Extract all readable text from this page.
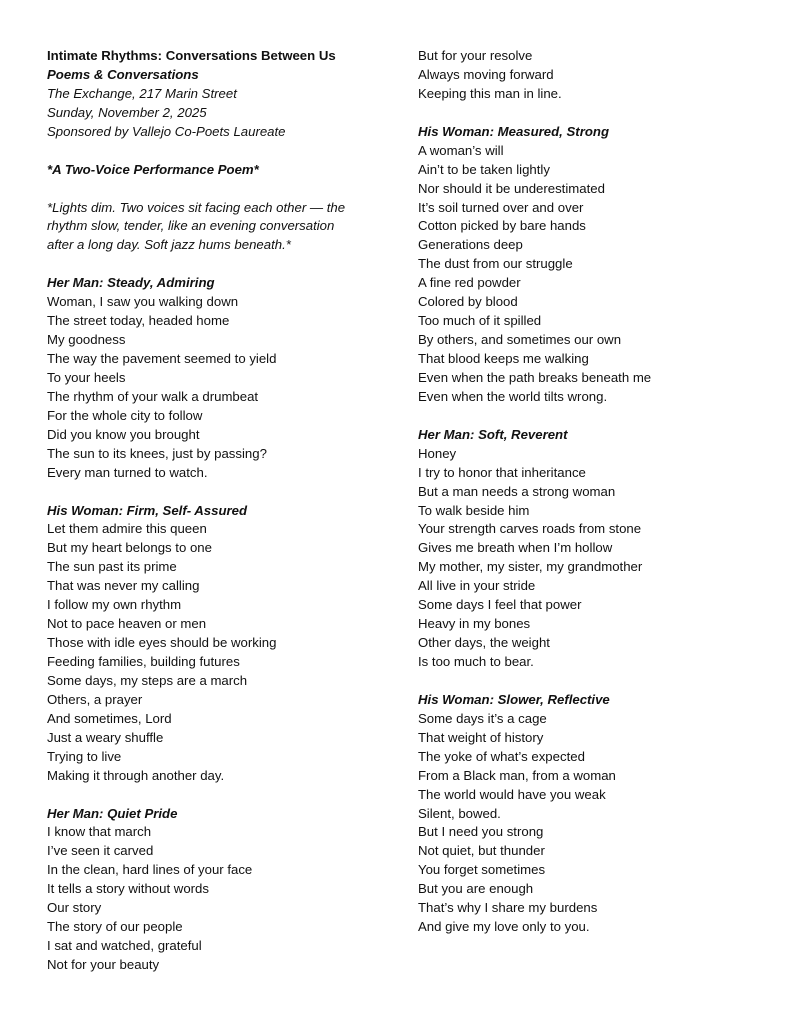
Intimate Rhythms: Conversations Between Us
Poems & Conversations
The Exchange, 217 Marin Street
Sunday, November 2, 2025
Sponsored by Vallejo Co-Poets Laureate
*A Two-Voice Performance Poem*
*Lights dim. Two voices sit facing each other — the
rhythm slow, tender, like an evening conversation
after a long day. Soft jazz hums beneath.*
Her Man: Steady, Admiring
Woman, I saw you walking down
The street today, headed home
My goodness
The way the pavement seemed to yield
To your heels
The rhythm of your walk a drumbeat
For the whole city to follow
Did you know you brought
The sun to its knees, just by passing?
Every man turned to watch.
His Woman: Firm, Self- Assured
Let them admire this queen
But my heart belongs to one
The sun past its prime
That was never my calling
I follow my own rhythm
Not to pace heaven or men
Those with idle eyes should be working
Feeding families, building futures
Some days, my steps are a march
Others, a prayer
And sometimes, Lord
Just a weary shuffle
Trying to live
Making it through another day.
Her Man: Quiet Pride
I know that march
I’ve seen it carved
In the clean, hard lines of your face
It tells a story without words
Our story
The story of our people
I sat and watched, grateful
Not for your beauty
But for your resolve
Always moving forward
Keeping this man in line.
His Woman: Measured, Strong
A woman’s will
Ain’t to be taken lightly
Nor should it be underestimated
It’s soil turned over and over
Cotton picked by bare hands
Generations deep
The dust from our struggle
A fine red powder
Colored by blood
Too much of it spilled
By others, and sometimes our own
That blood keeps me walking
Even when the path breaks beneath me
Even when the world tilts wrong.
Her Man: Soft, Reverent
Honey
I try to honor that inheritance
But a man needs a strong woman
To walk beside him
Your strength carves roads from stone
Gives me breath when I’m hollow
My mother, my sister, my grandmother
All live in your stride
Some days I feel that power
Heavy in my bones
Other days, the weight
Is too much to bear.
His Woman: Slower, Reflective
Some days it’s a cage
That weight of history
The yoke of what’s expected
From a Black man, from a woman
The world would have you weak
Silent, bowed.
But I need you strong
Not quiet, but thunder
You forget sometimes
But you are enough
That’s why I share my burdens
And give my love only to you.
